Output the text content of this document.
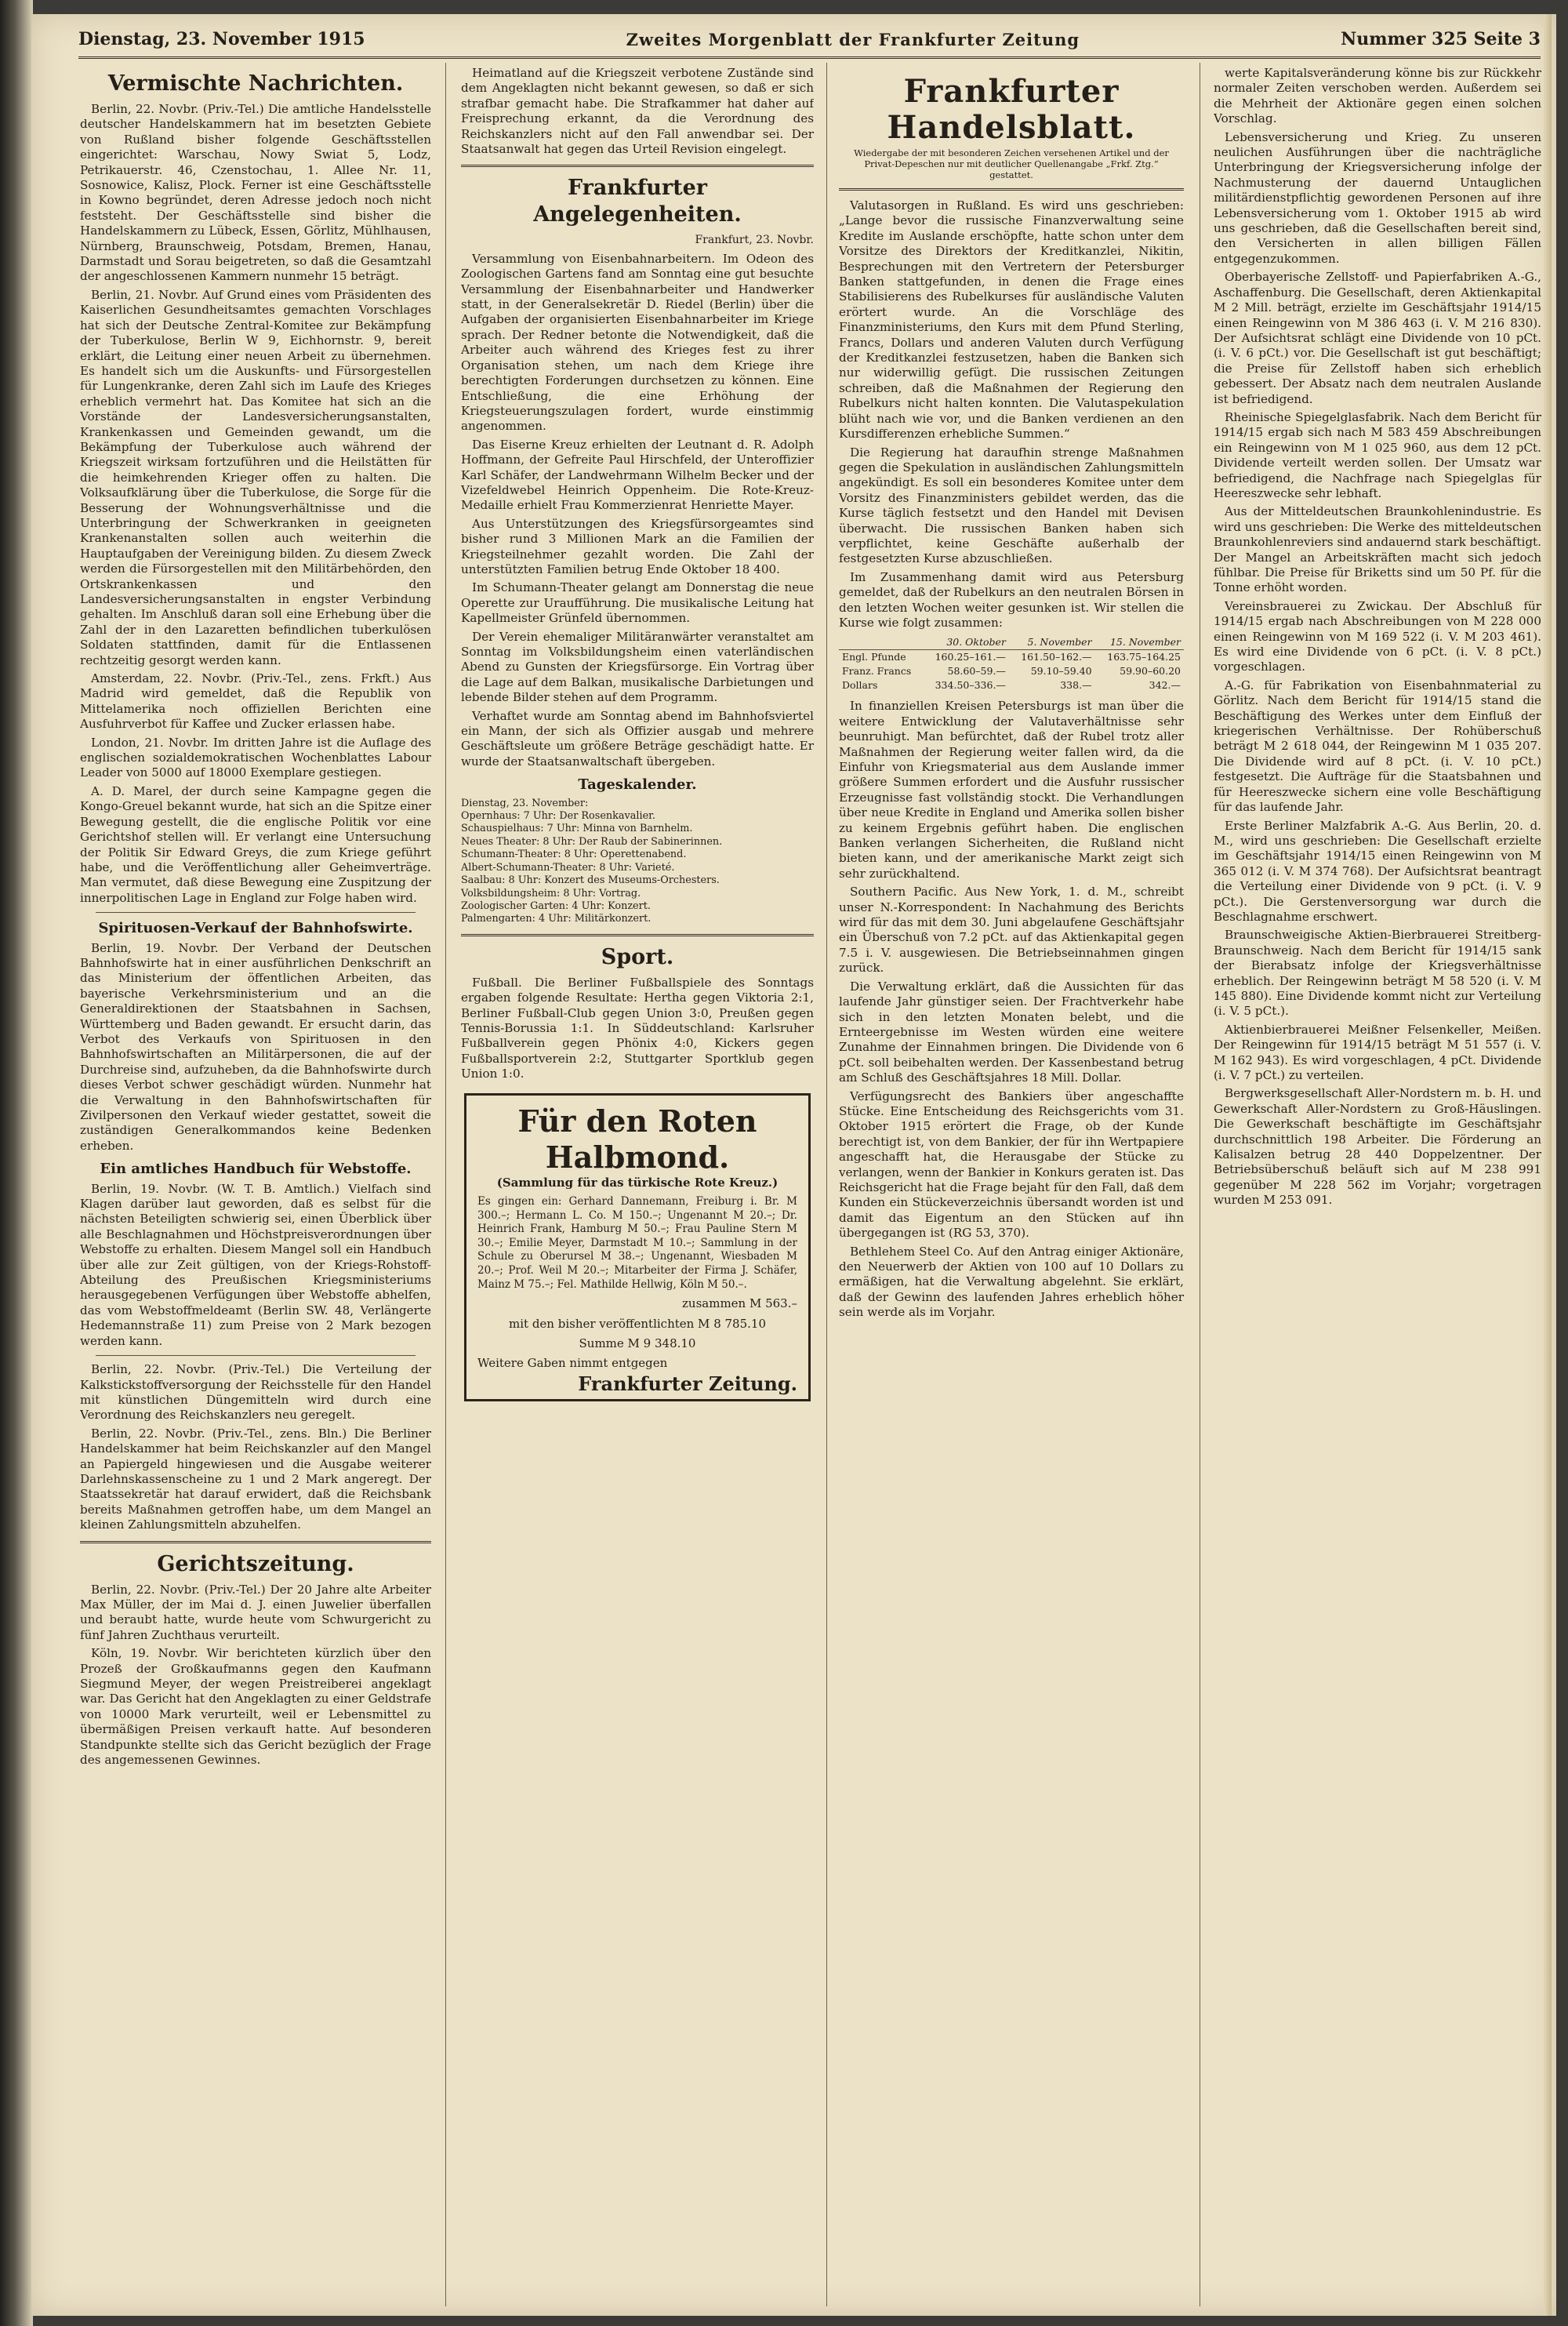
Dienstag, 23. November 1915	Zweites Morgenblatt der Frankfurter Zeitung	Nummer 325 Seite 3
Vermischte Nachrichten.

Berlin, 22. Novbr. (Priv.-Tel.) Die amtliche Handelsstelle deutscher Handelskammern hat im besetzten Gebiete von Rußland bisher folgende Geschäftsstellen eingerichtet: Warschau, Nowy Swiat 5, Lodz, Petrikauerstr. 46, Czenstochau, 1. Allee Nr. 11, Sosnowice, Kalisz, Plock. Ferner ist eine Geschäftsstelle in Kowno begründet, deren Adresse jedoch noch nicht feststeht. Der Geschäftsstelle sind bisher die Handelskammern zu Lübeck, Essen, Görlitz, Mühlhausen, Nürnberg, Braunschweig, Potsdam, Bremen, Hanau, Darmstadt und Sorau beigetreten, so daß die Gesamtzahl der angeschlossenen Kammern nunmehr 15 beträgt.

Berlin, 21. Novbr. Auf Grund eines vom Präsidenten des Kaiserlichen Gesundheitsamtes gemachten Vorschlages hat sich der Deutsche Zentral-Komitee zur Bekämpfung der Tuberkulose, Berlin W 9, Eichhornstr. 9, bereit erklärt, die Leitung einer neuen Arbeit zu übernehmen. Es handelt sich um die Auskunfts- und Fürsorgestellen für Lungenkranke, deren Zahl sich im Laufe des Krieges erheblich vermehrt hat. Das Komitee hat sich an die Vorstände der Landesversicherungsanstalten, Krankenkassen und Gemeinden gewandt, um die Bekämpfung der Tuberkulose auch während der Kriegszeit wirksam fortzuführen und die Heilstätten für die heimkehrenden Krieger offen zu halten. Die Volksaufklärung über die Tuberkulose, die Sorge für die Besserung der Wohnungsverhältnisse und die Unterbringung der Schwerkranken in geeigneten Krankenanstalten sollen auch weiterhin die Hauptaufgaben der Vereinigung bilden. Zu diesem Zweck werden die Fürsorgestellen mit den Militärbehörden, den Ortskrankenkassen und den Landesversicherungsanstalten in engster Verbindung gehalten. Im Anschluß daran soll eine Erhebung über die Zahl der in den Lazaretten befindlichen tuberkulösen Soldaten stattfinden, damit für die Entlassenen rechtzeitig gesorgt werden kann.

Amsterdam, 22. Novbr. (Priv.-Tel., zens. Frkft.) Aus Madrid wird gemeldet, daß die Republik von Mittelamerika noch offiziellen Berichten eine Ausfuhrverbot für Kaffee und Zucker erlassen habe.

London, 21. Novbr. Im dritten Jahre ist die Auflage des englischen sozialdemokratischen Wochenblattes Labour Leader von 5000 auf 18000 Exemplare gestiegen.

A. D. Marel, der durch seine Kampagne gegen die Kongo-Greuel bekannt wurde, hat sich an die Spitze einer Bewegung gestellt, die die englische Politik vor eine Gerichtshof stellen will. Er verlangt eine Untersuchung der Politik Sir Edward Greys, die zum Kriege geführt habe, und die Veröffentlichung aller Geheimverträge. Man vermutet, daß diese Bewegung eine Zuspitzung der innerpolitischen Lage in England zur Folge haben wird.

Spirituosen-Verkauf der Bahnhofswirte.

Berlin, 19. Novbr. Der Verband der Deutschen Bahnhofswirte hat in einer ausführlichen Denkschrift an das Ministerium der öffentlichen Arbeiten, das bayerische Verkehrsministerium und an die Generaldirektionen der Staatsbahnen in Sachsen, Württemberg und Baden gewandt. Er ersucht darin, das Verbot des Verkaufs von Spirituosen in den Bahnhofswirtschaften an Militärpersonen, die auf der Durchreise sind, aufzuheben, da die Bahnhofswirte durch dieses Verbot schwer geschädigt würden. Nunmehr hat die Verwaltung in den Bahnhofswirtschaften für Zivilpersonen den Verkauf wieder gestattet, soweit die zuständigen Generalkommandos keine Bedenken erheben.

Ein amtliches Handbuch für Webstoffe.

Berlin, 19. Novbr. (W. T. B. Amtlich.) Vielfach sind Klagen darüber laut geworden, daß es selbst für die nächsten Beteiligten schwierig sei, einen Überblick über alle Beschlagnahmen und Höchstpreisverordnungen über Webstoffe zu erhalten. Diesem Mangel soll ein Handbuch über alle zur Zeit gültigen, von der Kriegs-Rohstoff-Abteilung des Preußischen Kriegsministeriums herausgegebenen Verfügungen über Webstoffe abhelfen, das vom Webstoffmeldeamt (Berlin SW. 48, Verlängerte Hedemannstraße 11) zum Preise von 2 Mark bezogen werden kann.

Berlin, 22. Novbr. (Priv.-Tel.) Die Verteilung der Kalkstickstoffversorgung der Reichsstelle für den Handel mit künstlichen Düngemitteln wird durch eine Verordnung des Reichskanzlers neu geregelt.

Berlin, 22. Novbr. (Priv.-Tel., zens. Bln.) Die Berliner Handelskammer hat beim Reichskanzler auf den Mangel an Papiergeld hingewiesen und die Ausgabe weiterer Darlehnskassenscheine zu 1 und 2 Mark angeregt. Der Staatssekretär hat darauf erwidert, daß die Reichsbank bereits Maßnahmen getroffen habe, um dem Mangel an kleinen Zahlungsmitteln abzuhelfen.

Gerichtszeitung.

Berlin, 22. Novbr. (Priv.-Tel.) Der 20 Jahre alte Arbeiter Max Müller, der im Mai d. J. einen Juwelier überfallen und beraubt hatte, wurde heute vom Schwurgericht zu fünf Jahren Zuchthaus verurteilt.

Köln, 19. Novbr. Wir berichteten kürzlich über den Prozeß der Großkaufmanns gegen den Kaufmann Siegmund Meyer, der wegen Preistreiberei angeklagt war. Das Gericht hat den Angeklagten zu einer Geldstrafe von 10000 Mark verurteilt, weil er Lebensmittel zu übermäßigen Preisen verkauft hatte. Auf besonderen Standpunkte stellte sich das Gericht bezüglich der Frage des angemessenen Gewinnes.

Heimatland auf die Kriegszeit verbotene Zustände sind dem Angeklagten nicht bekannt gewesen, so daß er sich strafbar gemacht habe. Die Strafkammer hat daher auf Freisprechung erkannt, da die Verordnung des Reichskanzlers nicht auf den Fall anwendbar sei. Der Staatsanwalt hat gegen das Urteil Revision eingelegt.

Frankfurter Angelegenheiten.
Frankfurt, 23. Novbr.

Versammlung von Eisenbahnarbeitern. Im Odeon des Zoologischen Gartens fand am Sonntag eine gut besuchte Versammlung der Eisenbahnarbeiter und Handwerker statt, in der Generalsekretär D. Riedel (Berlin) über die Aufgaben der organisierten Eisenbahnarbeiter im Kriege sprach. Der Redner betonte die Notwendigkeit, daß die Arbeiter auch während des Krieges fest zu ihrer Organisation stehen, um nach dem Kriege ihre berechtigten Forderungen durchsetzen zu können. Eine Entschließung, die eine Erhöhung der Kriegsteuerungszulagen fordert, wurde einstimmig angenommen.

Das Eiserne Kreuz erhielten der Leutnant d. R. Adolph Hoffmann, der Gefreite Paul Hirschfeld, der Unteroffizier Karl Schäfer, der Landwehrmann Wilhelm Becker und der Vizefeldwebel Heinrich Oppenheim. Die Rote-Kreuz-Medaille erhielt Frau Kommerzienrat Henriette Mayer.

Aus Unterstützungen des Kriegsfürsorgeamtes sind bisher rund 3 Millionen Mark an die Familien der Kriegsteilnehmer gezahlt worden. Die Zahl der unterstützten Familien betrug Ende Oktober 18 400.

Im Schumann-Theater gelangt am Donnerstag die neue Operette zur Uraufführung. Die musikalische Leitung hat Kapellmeister Grünfeld übernommen.

Der Verein ehemaliger Militäranwärter veranstaltet am Sonntag im Volksbildungsheim einen vaterländischen Abend zu Gunsten der Kriegsfürsorge. Ein Vortrag über die Lage auf dem Balkan, musikalische Darbietungen und lebende Bilder stehen auf dem Programm.

Verhaftet wurde am Sonntag abend im Bahnhofsviertel ein Mann, der sich als Offizier ausgab und mehrere Geschäftsleute um größere Beträge geschädigt hatte. Er wurde der Staatsanwaltschaft übergeben.

Tageskalender.
Dienstag, 23. November:
Opernhaus: 7 Uhr: Der Rosenkavalier.
Schauspielhaus: 7 Uhr: Minna von Barnhelm.
Neues Theater: 8 Uhr: Der Raub der Sabinerinnen.
Schumann-Theater: 8 Uhr: Operettenabend.
Albert-Schumann-Theater: 8 Uhr: Varieté.
Saalbau: 8 Uhr: Konzert des Museums-Orchesters.
Volksbildungsheim: 8 Uhr: Vortrag.
Zoologischer Garten: 4 Uhr: Konzert.
Palmengarten: 4 Uhr: Militärkonzert.
Sport.

Fußball. Die Berliner Fußballspiele des Sonntags ergaben folgende Resultate: Hertha gegen Viktoria 2:1, Berliner Fußball-Club gegen Union 3:0, Preußen gegen Tennis-Borussia 1:1. In Süddeutschland: Karlsruher Fußballverein gegen Phönix 4:0, Kickers gegen Fußballsportverein 2:2, Stuttgarter Sportklub gegen Union 1:0.

Für den Roten Halbmond.
(Sammlung für das türkische Rote Kreuz.)
Es gingen ein: Gerhard Dannemann, Freiburg i. Br. M 300.–; Hermann L. Co. M 150.–; Ungenannt M 20.–; Dr. Heinrich Frank, Hamburg M 50.–; Frau Pauline Stern M 30.–; Emilie Meyer, Darmstadt M 10.–; Sammlung in der Schule zu Oberursel M 38.–; Ungenannt, Wiesbaden M 20.–; Prof. Weil M 20.–; Mitarbeiter der Firma J. Schäfer, Mainz M 75.–; Fel. Mathilde Hellwig, Köln M 50.–.
zusammen M 563.–
mit den bisher veröffentlichten M 8 785.10
Summe M 9 348.10
Weitere Gaben nimmt entgegen
Frankfurter Zeitung.
Frankfurter Handelsblatt.
Wiedergabe der mit besonderen Zeichen versehenen Artikel und der Privat-Depeschen nur mit deutlicher Quellenangabe „Frkf. Ztg.“ gestattet.

Valutasorgen in Rußland. Es wird uns geschrieben: „Lange bevor die russische Finanzverwaltung seine Kredite im Auslande erschöpfte, hatte schon unter dem Vorsitze des Direktors der Kreditkanzlei, Nikitin, Besprechungen mit den Vertretern der Petersburger Banken stattgefunden, in denen die Frage eines Stabilisierens des Rubelkurses für ausländische Valuten erörtert wurde. An die Vorschläge des Finanzministeriums, den Kurs mit dem Pfund Sterling, Francs, Dollars und anderen Valuten durch Verfügung der Kreditkanzlei festzusetzen, haben die Banken sich nur widerwillig gefügt. Die russischen Zeitungen schreiben, daß die Maßnahmen der Regierung den Rubelkurs nicht halten konnten. Die Valutaspekulation blüht nach wie vor, und die Banken verdienen an den Kursdifferenzen erhebliche Summen.“

Die Regierung hat daraufhin strenge Maßnahmen gegen die Spekulation in ausländischen Zahlungsmitteln angekündigt. Es soll ein besonderes Komitee unter dem Vorsitz des Finanzministers gebildet werden, das die Kurse täglich festsetzt und den Handel mit Devisen überwacht. Die russischen Banken haben sich verpflichtet, keine Geschäfte außerhalb der festgesetzten Kurse abzuschließen.

Im Zusammenhang damit wird aus Petersburg gemeldet, daß der Rubelkurs an den neutralen Börsen in den letzten Wochen weiter gesunken ist. Wir stellen die Kurse wie folgt zusammen:

	30. Oktober	5. November	15. November
Engl. Pfunde	160.25–161.—	161.50–162.—	163.75–164.25
Franz. Francs	58.60–59.—	59.10–59.40	59.90–60.20
Dollars	334.50–336.—	338.—	342.—

In finanziellen Kreisen Petersburgs ist man über die weitere Entwicklung der Valutaverhältnisse sehr beunruhigt. Man befürchtet, daß der Rubel trotz aller Maßnahmen der Regierung weiter fallen wird, da die Einfuhr von Kriegsmaterial aus dem Auslande immer größere Summen erfordert und die Ausfuhr russischer Erzeugnisse fast vollständig stockt. Die Verhandlungen über neue Kredite in England und Amerika sollen bisher zu keinem Ergebnis geführt haben. Die englischen Banken verlangen Sicherheiten, die Rußland nicht bieten kann, und der amerikanische Markt zeigt sich sehr zurückhaltend.

Southern Pacific. Aus New York, 1. d. M., schreibt unser N.-Korrespondent: In Nachahmung des Berichts wird für das mit dem 30. Juni abgelaufene Geschäftsjahr ein Überschuß von 7.2 pCt. auf das Aktienkapital gegen 7.5 i. V. ausgewiesen. Die Betriebseinnahmen gingen zurück.

Die Verwaltung erklärt, daß die Aussichten für das laufende Jahr günstiger seien. Der Frachtverkehr habe sich in den letzten Monaten belebt, und die Ernteergebnisse im Westen würden eine weitere Zunahme der Einnahmen bringen. Die Dividende von 6 pCt. soll beibehalten werden. Der Kassenbestand betrug am Schluß des Geschäftsjahres 18 Mill. Dollar.

Verfügungsrecht des Bankiers über angeschaffte Stücke. Eine Entscheidung des Reichsgerichts vom 31. Oktober 1915 erörtert die Frage, ob der Kunde berechtigt ist, von dem Bankier, der für ihn Wertpapiere angeschafft hat, die Herausgabe der Stücke zu verlangen, wenn der Bankier in Konkurs geraten ist. Das Reichsgericht hat die Frage bejaht für den Fall, daß dem Kunden ein Stückeverzeichnis übersandt worden ist und damit das Eigentum an den Stücken auf ihn übergegangen ist (RG 53, 370).

Bethlehem Steel Co. Auf den Antrag einiger Aktionäre, den Neuerwerb der Aktien von 100 auf 10 Dollars zu ermäßigen, hat die Verwaltung abgelehnt. Sie erklärt, daß der Gewinn des laufenden Jahres erheblich höher sein werde als im Vorjahr.

werte Kapitalsveränderung könne bis zur Rückkehr normaler Zeiten verschoben werden. Außerdem sei die Mehrheit der Aktionäre gegen einen solchen Vorschlag.

Lebensversicherung und Krieg. Zu unseren neulichen Ausführungen über die nachträgliche Unterbringung der Kriegsversicherung infolge der Nachmusterung der dauernd Untauglichen militärdienstpflichtig gewordenen Personen auf ihre Lebensversicherung vom 1. Oktober 1915 ab wird uns geschrieben, daß die Gesellschaften bereit sind, den Versicherten in allen billigen Fällen entgegenzukommen.

Oberbayerische Zellstoff- und Papierfabriken A.-G., Aschaffenburg. Die Gesellschaft, deren Aktienkapital M 2 Mill. beträgt, erzielte im Geschäftsjahr 1914/15 einen Reingewinn von M 386 463 (i. V. M 216 830). Der Aufsichtsrat schlägt eine Dividende von 10 pCt. (i. V. 6 pCt.) vor. Die Gesellschaft ist gut beschäftigt; die Preise für Zellstoff haben sich erheblich gebessert. Der Absatz nach dem neutralen Auslande ist befriedigend.

Rheinische Spiegelglasfabrik. Nach dem Bericht für 1914/15 ergab sich nach M 583 459 Abschreibungen ein Reingewinn von M 1 025 960, aus dem 12 pCt. Dividende verteilt werden sollen. Der Umsatz war befriedigend, die Nachfrage nach Spiegelglas für Heereszwecke sehr lebhaft.

Aus der Mitteldeutschen Braunkohlenindustrie. Es wird uns geschrieben: Die Werke des mitteldeutschen Braunkohlenreviers sind andauernd stark beschäftigt. Der Mangel an Arbeitskräften macht sich jedoch fühlbar. Die Preise für Briketts sind um 50 Pf. für die Tonne erhöht worden.

Vereinsbrauerei zu Zwickau. Der Abschluß für 1914/15 ergab nach Abschreibungen von M 228 000 einen Reingewinn von M 169 522 (i. V. M 203 461). Es wird eine Dividende von 6 pCt. (i. V. 8 pCt.) vorgeschlagen.

A.-G. für Fabrikation von Eisenbahnmaterial zu Görlitz. Nach dem Bericht für 1914/15 stand die Beschäftigung des Werkes unter dem Einfluß der kriegerischen Verhältnisse. Der Rohüberschuß beträgt M 2 618 044, der Reingewinn M 1 035 207. Die Dividende wird auf 8 pCt. (i. V. 10 pCt.) festgesetzt. Die Aufträge für die Staatsbahnen und für Heereszwecke sichern eine volle Beschäftigung für das laufende Jahr.

Erste Berliner Malzfabrik A.-G. Aus Berlin, 20. d. M., wird uns geschrieben: Die Gesellschaft erzielte im Geschäftsjahr 1914/15 einen Reingewinn von M 365 012 (i. V. M 374 768). Der Aufsichtsrat beantragt die Verteilung einer Dividende von 9 pCt. (i. V. 9 pCt.). Die Gerstenversorgung war durch die Beschlagnahme erschwert.

Braunschweigische Aktien-Bierbrauerei Streitberg-Braunschweig. Nach dem Bericht für 1914/15 sank der Bierabsatz infolge der Kriegsverhältnisse erheblich. Der Reingewinn beträgt M 58 520 (i. V. M 145 880). Eine Dividende kommt nicht zur Verteilung (i. V. 5 pCt.).

Aktienbierbrauerei Meißner Felsenkeller, Meißen. Der Reingewinn für 1914/15 beträgt M 51 557 (i. V. M 162 943). Es wird vorgeschlagen, 4 pCt. Dividende (i. V. 7 pCt.) zu verteilen.

Bergwerksgesellschaft Aller-Nordstern m. b. H. und Gewerkschaft Aller-Nordstern zu Groß-Häuslingen. Die Gewerkschaft beschäftigte im Geschäftsjahr durchschnittlich 198 Arbeiter. Die Förderung an Kalisalzen betrug 28 440 Doppelzentner. Der Betriebsüberschuß beläuft sich auf M 238 991 gegenüber M 228 562 im Vorjahr; vorgetragen wurden M 253 091.
